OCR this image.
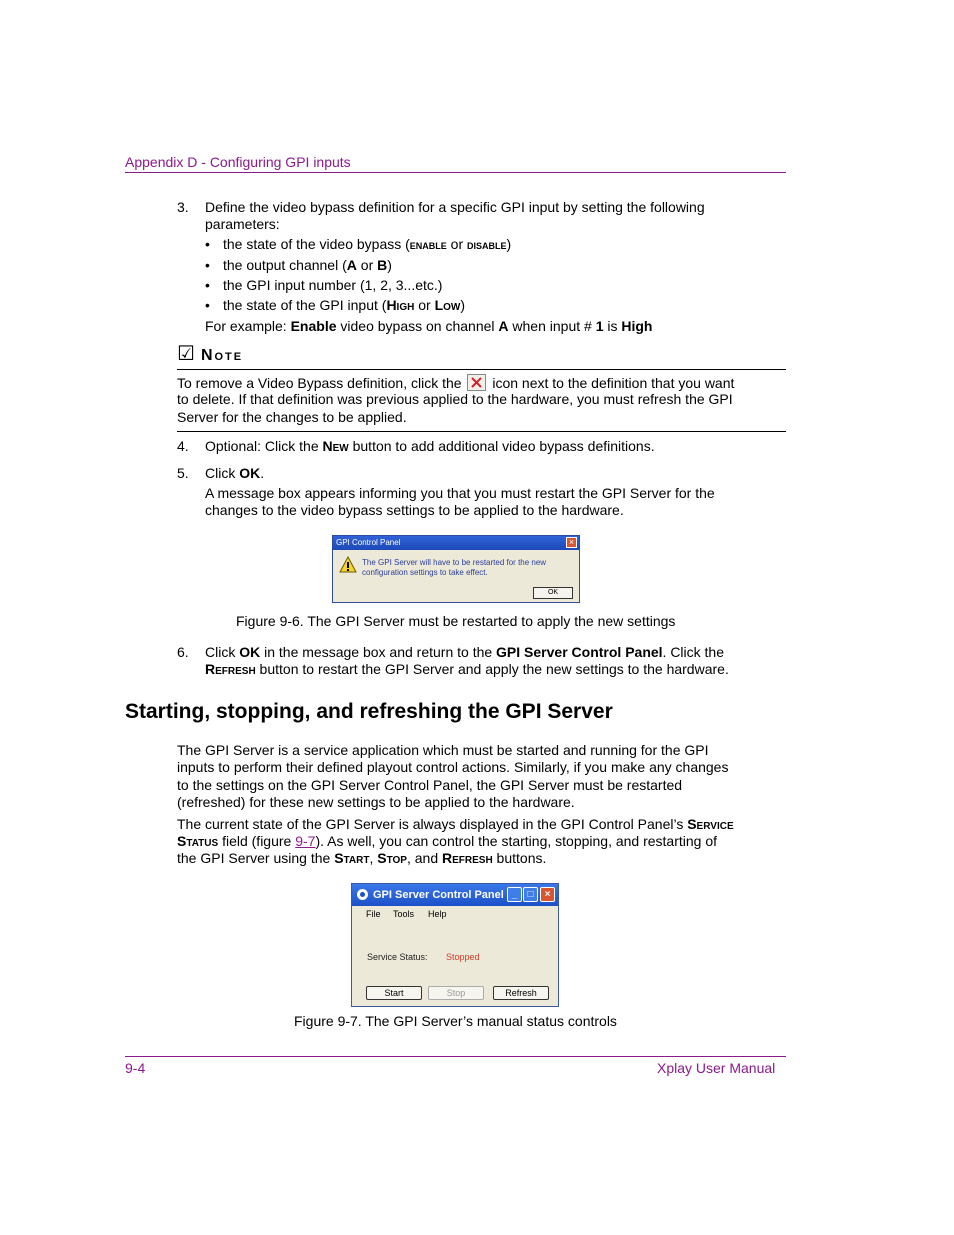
Appendix D - Configuring GPI inputs
3. Define the video bypass definition for a specific GPI input by setting the following
parameters:
• the state of the video bypass (enable or disable)
• the output channel (A or B)
• the GPI input number (1, 2, 3...etc.)
• the state of the GPI input (High or Low)
For example: Enable video bypass on channel A when input # 1 is High
☑ Note
To remove a Video Bypass definition, click the icon next to the definition that you want
to delete. If that definition was previous applied to the hardware, you must refresh the GPI
Server for the changes to be applied.
4. Optional: Click the New button to add additional video bypass definitions.
5. Click OK.
A message box appears informing you that you must restart the GPI Server for the
changes to the video bypass settings to be applied to the hardware.
GPI Control Panel	×
The GPI Server will have to be restarted for the new
configuration settings to take effect.
OK
Figure 9-6. The GPI Server must be restarted to apply the new settings
6. Click OK in the message box and return to the GPI Server Control Panel. Click the
Refresh button to restart the GPI Server and apply the new settings to the hardware.
Starting, stopping, and refreshing the GPI Server
The GPI Server is a service application which must be started and running for the GPI
inputs to perform their defined playout control actions. Similarly, if you make any changes
to the settings on the GPI Server Control Panel, the GPI Server must be restarted
(refreshed) for these new settings to be applied to the hardware.
The current state of the GPI Server is always displayed in the GPI Control Panel’s Service
Status field (figure 9-7). As well, you can control the starting, stopping, and restarting of
the GPI Server using the Start, Stop, and Refresh buttons.
GPI Server Control Panel _	□	×
File Tools Help
Service Status: Stopped
Start	Stop	Refresh
Figure 9-7. The GPI Server’s manual status controls
9-4	Xplay User Manual
